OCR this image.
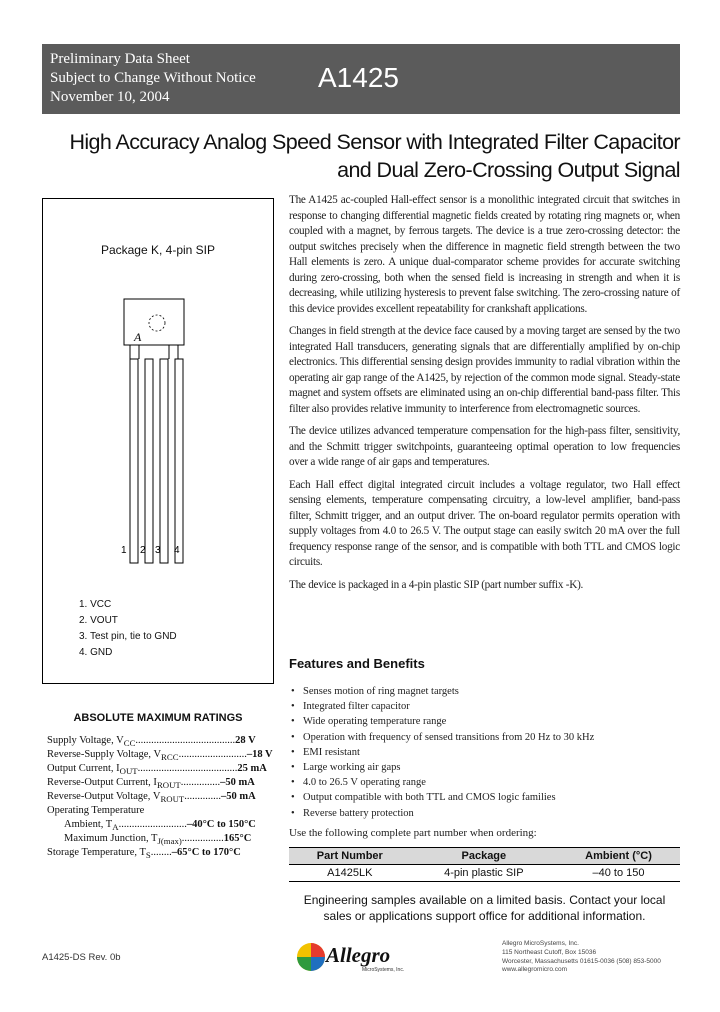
Preliminary Data Sheet
Subject to Change Without Notice
November 10, 2004
A1425
High Accuracy Analog Speed Sensor with Integrated Filter Capacitor
and Dual Zero-Crossing Output Signal
Package K, 4-pin SIP
A
1 2 3 4
1. VCC
2. VOUT
3. Test pin, tie to GND
4. GND
ABSOLUTE MAXIMUM RATINGS
Supply Voltage, $V_{CC}......................................28$ V
Reverse-Supply Voltage, $V_{RCC}..........................-18$ V
Output Current, $I_{OUT}......................................25$ mA
Reverse-Output Current, $I_{ROUT}...............-50$ mA
Reverse-Output Voltage, $V_{ROUT}..............-50$ mA
Operating Temperature
Ambient, $T_A..........................-40^\circ C$ to 150°C
Maximum Junction, $T_{J(max)}................165^\circ C$
Storage Temperature, $T_S........-65^\circ C$ to 170°C

The A1425 ac-coupled Hall-effect sensor is a monolithic integrated circuit that switches in response to changing differential magnetic fields created by rotating ring magnets or, when coupled with a magnet, by ferrous targets. The device is a true zero-crossing detector: the output switches precisely when the difference in magnetic field strength between the two Hall elements is zero. A unique dual-comparator scheme provides for accurate switching during zero-crossing, both when the sensed field is increasing in strength and when it is decreasing, while utilizing hysteresis to prevent false switching. The zero-crossing nature of this device provides excellent repeatability for crankshaft applications.

Changes in field strength at the device face caused by a moving target are sensed by the two integrated Hall transducers, generating signals that are differentially amplified by on-chip electronics. This differential sensing design provides immunity to radial vibration within the operating air gap range of the A1425, by rejection of the common mode signal. Steady-state magnet and system offsets are eliminated using an on-chip differential band-pass filter. This filter also provides relative immunity to interference from electromagnetic sources.

The device utilizes advanced temperature compensation for the high-pass filter, sensitivity, and the Schmitt trigger switchpoints, guaranteeing optimal operation to low frequencies over a wide range of air gaps and temperatures.

Each Hall effect digital integrated circuit includes a voltage regulator, two Hall effect sensing elements, temperature compensating circuitry, a low-level amplifier, band-pass filter, Schmitt trigger, and an output driver. The on-board regulator permits operation with supply voltages from 4.0 to 26.5 V. The output stage can easily switch 20 mA over the full frequency response range of the sensor, and is compatible with both TTL and CMOS logic circuits.

The device is packaged in a 4-pin plastic SIP (part number suffix -K).

Features and Benefits
• Senses motion of ring magnet targets
• Integrated filter capacitor
• Wide operating temperature range
• Operation with frequency of sensed transitions from 20 Hz to 30 kHz
• EMI resistant
• Large working air gaps
• 4.0 to 26.5 V operating range
• Output compatible with both TTL and CMOS logic families
• Reverse battery protection
Use the following complete part number when ordering:
Part Number	Package	Ambient (°C)
A1425LK	4-pin plastic SIP	–40 to 150
Engineering samples available on a limited basis. Contact your local sales or applications support office for additional information.
A1425-DS Rev. 0b	Allegro
MicroSystems, Inc.
Allegro MicroSystems, Inc.
115 Northeast Cutoff, Box 15036
Worcester, Massachusetts 01615-0036 (508) 853-5000
www.allegromicro.com
